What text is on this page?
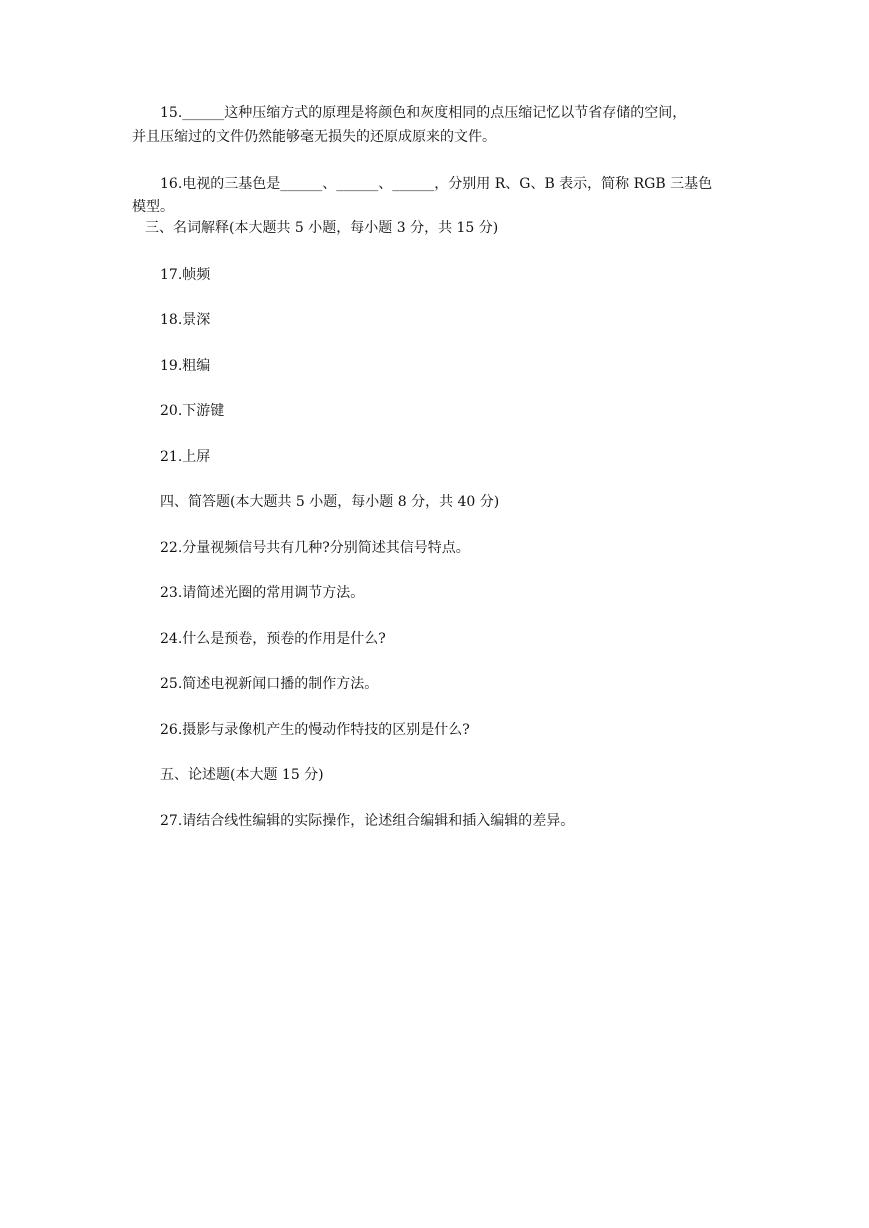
15.______这种压缩方式的原理是将颜色和灰度相同的点压缩记忆以节省存储的空间，
并且压缩过的文件仍然能够毫无损失的还原成原来的文件。
16.电视的三基色是______、______、______，分别用 R、G、B 表示，简称 RGB 三基色
模型。
三、名词解释(本大题共 5 小题，每小题 3 分，共 15 分)
17.帧频
18.景深
19.粗编
20.下游键
21.上屏
四、简答题(本大题共 5 小题，每小题 8 分，共 40 分)
22.分量视频信号共有几种?分别简述其信号特点。
23.请简述光圈的常用调节方法。
24.什么是预卷，预卷的作用是什么?
25.简述电视新闻口播的制作方法。
26.摄影与录像机产生的慢动作特技的区别是什么?
五、论述题(本大题 15 分)
27.请结合线性编辑的实际操作，论述组合编辑和插入编辑的差异。
